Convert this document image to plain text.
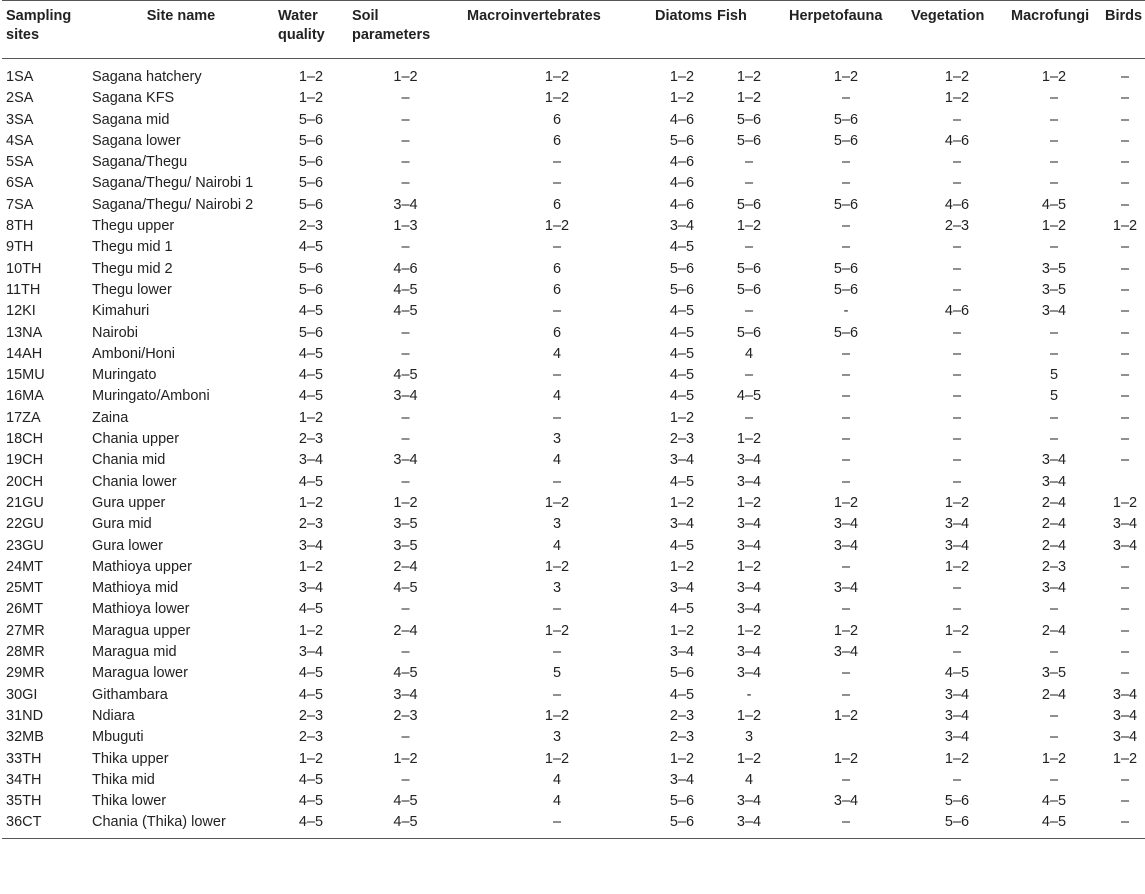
Sampling sites	Site name	Water quality	Soil parameters	Macroinvertebrates	Diatoms	Fish	Herpetofauna	Vegetation	Macrofungi	Birds
1SA	Sagana hatchery	1–2	1–2	1–2	1–2	1–2	1–2	1–2	1–2	–
2SA	Sagana KFS	1–2	–	1–2	1–2	1–2	–	1–2	–	–
3SA	Sagana mid	5–6	–	6	4–6	5–6	5–6	–	–	–
4SA	Sagana lower	5–6	–	6	5–6	5–6	5–6	4–6	–	–
5SA	Sagana/Thegu	5–6	–	–	4–6	–	–	–	–	–
6SA	Sagana/Thegu/ Nairobi 1	5–6	–	–	4–6	–	–	–	–	–
7SA	Sagana/Thegu/ Nairobi 2	5–6	3–4	6	4–6	5–6	5–6	4–6	4–5	–
8TH	Thegu upper	2–3	1–3	1–2	3–4	1–2	–	2–3	1–2	1–2
9TH	Thegu mid 1	4–5	–	–	4–5	–	–	–	–	–
10TH	Thegu mid 2	5–6	4–6	6	5–6	5–6	5–6	–	3–5	–
11TH	Thegu lower	5–6	4–5	6	5–6	5–6	5–6	–	3–5	–
12KI	Kimahuri	4–5	4–5	–	4–5	–	-	4–6	3–4	–
13NA	Nairobi	5–6	–	6	4–5	5–6	5–6	–	–	–
14AH	Amboni/Honi	4–5	–	4	4–5	4	–	–	–	–
15MU	Muringato	4–5	4–5	–	4–5	–	–	–	5	–
16MA	Muringato/Amboni	4–5	3–4	4	4–5	4–5	–	–	5	–
17ZA	Zaina	1–2	–	–	1–2	–	–	–	–	–
18CH	Chania upper	2–3	–	3	2–3	1–2	–	–	–	–
19CH	Chania mid	3–4	3–4	4	3–4	3–4	–	–	3–4	–
20CH	Chania lower	4–5	–	–	4–5	3–4	–	–	3–4	
21GU	Gura upper	1–2	1–2	1–2	1–2	1–2	1–2	1–2	2–4	1–2
22GU	Gura mid	2–3	3–5	3	3–4	3–4	3–4	3–4	2–4	3–4
23GU	Gura lower	3–4	3–5	4	4–5	3–4	3–4	3–4	2–4	3–4
24MT	Mathioya upper	1–2	2–4	1–2	1–2	1–2	–	1–2	2–3	–
25MT	Mathioya mid	3–4	4–5	3	3–4	3–4	3–4	–	3–4	–
26MT	Mathioya lower	4–5	–	–	4–5	3–4	–	–	–	–
27MR	Maragua upper	1–2	2–4	1–2	1–2	1–2	1–2	1–2	2–4	–
28MR	Maragua mid	3–4	–	–	3–4	3–4	3–4	–	–	–
29MR	Maragua lower	4–5	4–5	5	5–6	3–4	–	4–5	3–5	–
30GI	Githambara	4–5	3–4	–	4–5	-	–	3–4	2–4	3–4
31ND	Ndiara	2–3	2–3	1–2	2–3	1–2	1–2	3–4	–	3–4
32MB	Mbuguti	2–3	–	3	2–3	3		3–4	–	3–4
33TH	Thika upper	1–2	1–2	1–2	1–2	1–2	1–2	1–2	1–2	1–2
34TH	Thika mid	4–5	–	4	3–4	4	–	–	–	–
35TH	Thika lower	4–5	4–5	4	5–6	3–4	3–4	5–6	4–5	–
36CT	Chania (Thika) lower	4–5	4–5	–	5–6	3–4	–	5–6	4–5	–
